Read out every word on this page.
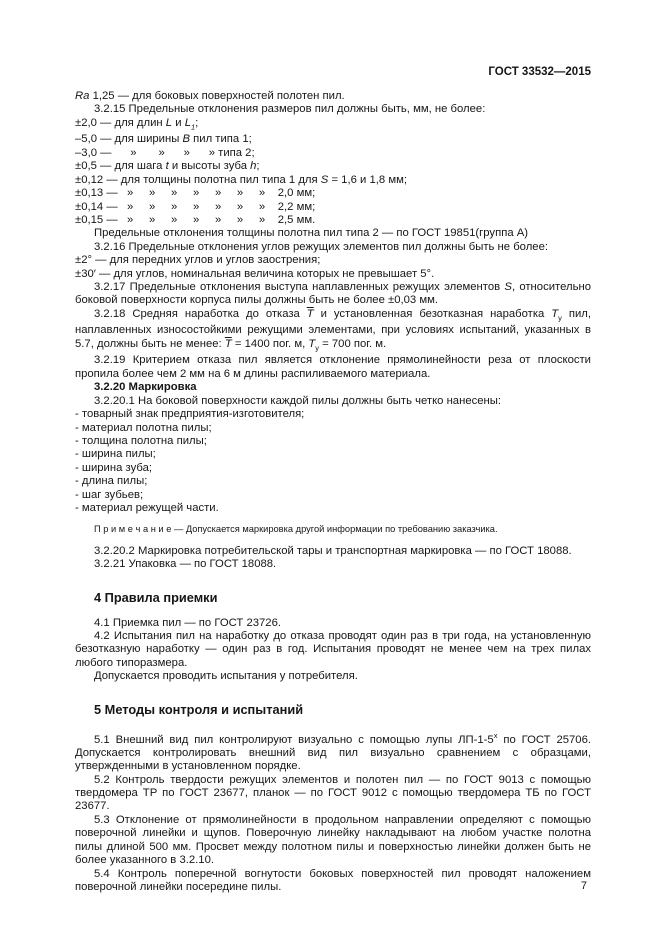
ГОСТ 33532—2015

Ra 1,25 — для боковых поверхностей полотен пил.

3.2.15 Предельные отклонения размеров пил должны быть, мм, не более:

±2,0 — для длин L и $L_1$;

–5,0 — для ширины B пил типа 1;

–3,0 —      »       »      »      » типа 2;

±0,5 — для шага t и высоты зуба h;

±0,12 — для толщины полотна пил типа 1 для S = 1,6 и 1,8 мм;

±0,13 —   »     »     »     »     »     »     »    2,0 мм;

±0,14 —   »     »     »     »     »     »     »    2,2 мм;

±0,15 —   »     »     »     »     »     »     »    2,5 мм.

Предельные отклонения толщины полотна пил типа 2 — по ГОСТ 19851(группа А)

3.2.16 Предельные отклонения углов режущих элементов пил должны быть не более:

±2° — для передних углов и углов заострения;

±30′ — для углов, номинальная величина которых не превышает 5°.

3.2.17 Предельные отклонения выступа наплавленных режущих элементов S, относительно боковой поверхности корпуса пилы должны быть не более ±0,03 мм.

3.2.18 Средняя наработка до отказа $\overline{T}$ и установленная безотказная наработка $T_у$ пил, наплавленных износостойкими режущими элементами, при условиях испытаний, указанных в 5.7, должны быть не менее: $\overline{T} = 1400$ пог. м, $T_у = 700$ пог. м.

3.2.19 Критерием отказа пил является отклонение прямолинейности реза от плоскости пропила более чем 2 мм на 6 м длины распиливаемого материала.

3.2.20 Маркировка

3.2.20.1 На боковой поверхности каждой пилы должны быть четко нанесены:

- товарный знак предприятия-изготовителя;

- материал полотна пилы;

- толщина полотна пилы;

- ширина пилы;

- ширина зуба;

- длина пилы;

- шаг зубьев;

- материал режущей части.

П р и м е ч а н и е — Допускается маркировка другой информации по требованию заказчика.

3.2.20.2 Маркировка потребительской тары и транспортная маркировка — по ГОСТ 18088.

3.2.21 Упаковка — по ГОСТ 18088.

4 Правила приемки

4.1 Приемка пил — по ГОСТ 23726.

4.2 Испытания пил на наработку до отказа проводят один раз в три года, на установленную безотказную наработку — один раз в год. Испытания проводят не менее чем на трех пилах любого типоразмера.

Допускается проводить испытания у потребителя.

5 Методы контроля и испытаний

5.1 Внешний вид пил контролируют визуально с помощью лупы $ЛП-1-5^х$ по ГОСТ 25706. Допускается контролировать внешний вид пил визуально сравнением с образцами, утвержденными в установленном порядке.

5.2 Контроль твердости режущих элементов и полотен пил — по ГОСТ 9013 с помощью твердомера ТР по ГОСТ 23677, планок — по ГОСТ 9012 с помощью твердомера ТБ по ГОСТ 23677.

5.3 Отклонение от прямолинейности в продольном направлении определяют с помощью поверочной линейки и щупов. Поверочную линейку накладывают на любом участке полотна пилы длиной 500 мм. Просвет между полотном пилы и поверхностью линейки должен быть не более указанного в 3.2.10.

5.4 Контроль поперечной вогнутости боковых поверхностей пил проводят наложением поверочной линейки посередине пилы.	7
